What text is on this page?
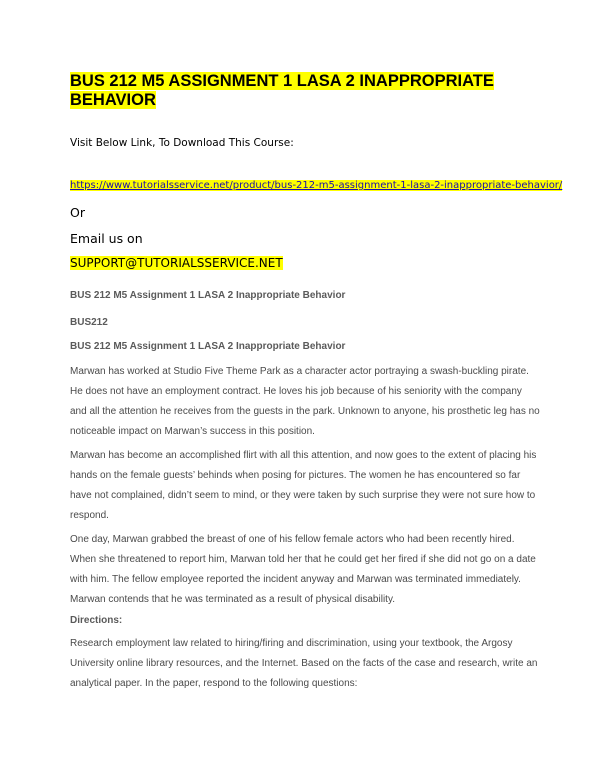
BUS 212 M5 ASSIGNMENT 1 LASA 2 INAPPROPRIATE BEHAVIOR
Visit Below Link, To Download This Course:
https://www.tutorialsservice.net/product/bus-212-m5-assignment-1-lasa-2-inappropriate-behavior/
Or
Email us on
SUPPORT@TUTORIALSSERVICE.NET
BUS 212 M5 Assignment 1 LASA 2 Inappropriate Behavior
BUS212
BUS 212 M5 Assignment 1 LASA 2 Inappropriate Behavior

Marwan has worked at Studio Five Theme Park as a character actor portraying a swash-buckling pirate. He does not have an employment contract. He loves his job because of his seniority with the company and all the attention he receives from the guests in the park. Unknown to anyone, his prosthetic leg has no noticeable impact on Marwan’s success in this position.

Marwan has become an accomplished flirt with all this attention, and now goes to the extent of placing his hands on the female guests’ behinds when posing for pictures. The women he has encountered so far have not complained, didn’t seem to mind, or they were taken by such surprise they were not sure how to respond.

One day, Marwan grabbed the breast of one of his fellow female actors who had been recently hired. When she threatened to report him, Marwan told her that he could get her fired if she did not go on a date with him. The fellow employee reported the incident anyway and Marwan was terminated immediately. Marwan contends that he was terminated as a result of physical disability.

Directions:

Research employment law related to hiring/firing and discrimination, using your textbook, the Argosy University online library resources, and the Internet. Based on the facts of the case and research, write an analytical paper. In the paper, respond to the following questions:
